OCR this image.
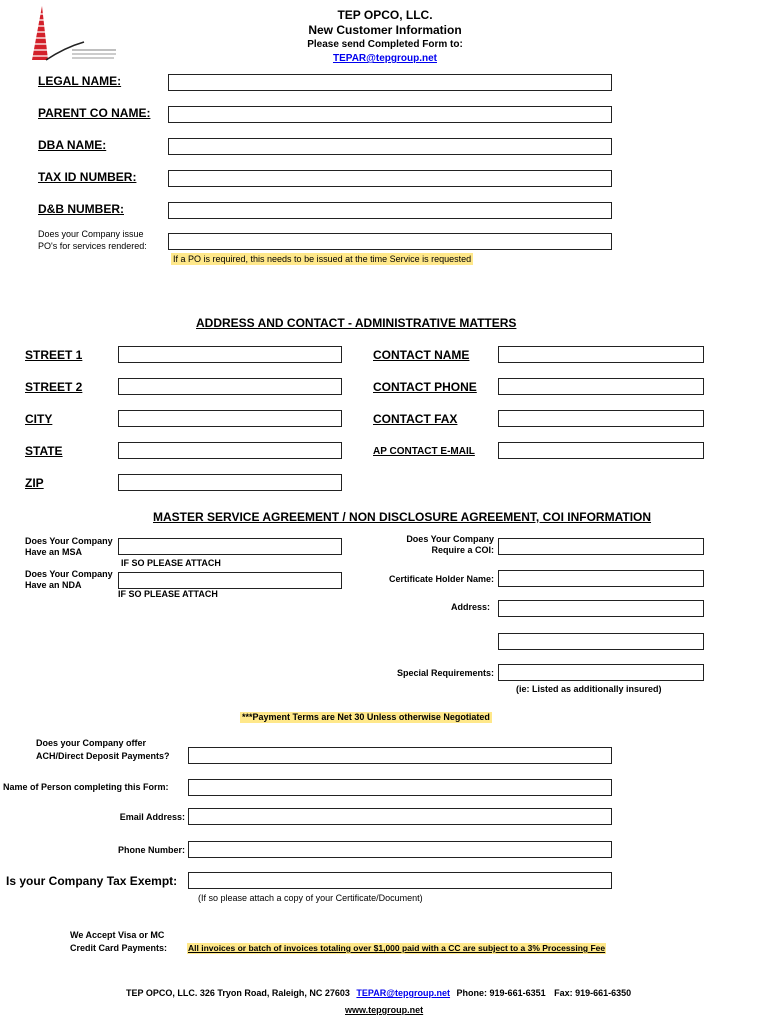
TEP OPCO, LLC.
New Customer Information
Please send Completed Form to:
TEPAR@tepgroup.net
LEGAL NAME:
PARENT CO NAME:
DBA NAME:
TAX ID NUMBER:
D&B NUMBER:
Does your Company issue
PO's for services rendered:
If a PO is required, this needs to be issued at the time Service is requested
ADDRESS AND CONTACT - ADMINISTRATIVE MATTERS
STREET 1	CONTACT NAME
STREET 2	CONTACT PHONE
CITY	CONTACT FAX
STATE	AP CONTACT E-MAIL
ZIP
MASTER SERVICE AGREEMENT / NON DISCLOSURE AGREEMENT, COI INFORMATION
Does Your Company
Have an MSA
IF SO PLEASE ATTACH
Does Your Company
Have an NDA
IF SO PLEASE ATTACH
Does Your Company
Require a COI:
Certificate Holder Name:
Address:
Special Requirements:
(ie: Listed as additionally insured)
***Payment Terms are Net 30 Unless otherwise Negotiated
Does your Company offer
ACH/Direct Deposit Payments?
Name of Person completing this Form:
Email Address:
Phone Number:
Is your Company Tax Exempt:
(If so please attach a copy of your Certificate/Document)
We Accept Visa or MC
Credit Card Payments: All invoices or batch of invoices totaling over $1,000 paid with a CC are subject to a 3% Processing Fee
TEP OPCO, LLC. 326 Tryon Road, Raleigh, NC 27603 TEPAR@tepgroup.net Phone: 919-661-6351 Fax: 919-661-6350
www.tepgroup.net
